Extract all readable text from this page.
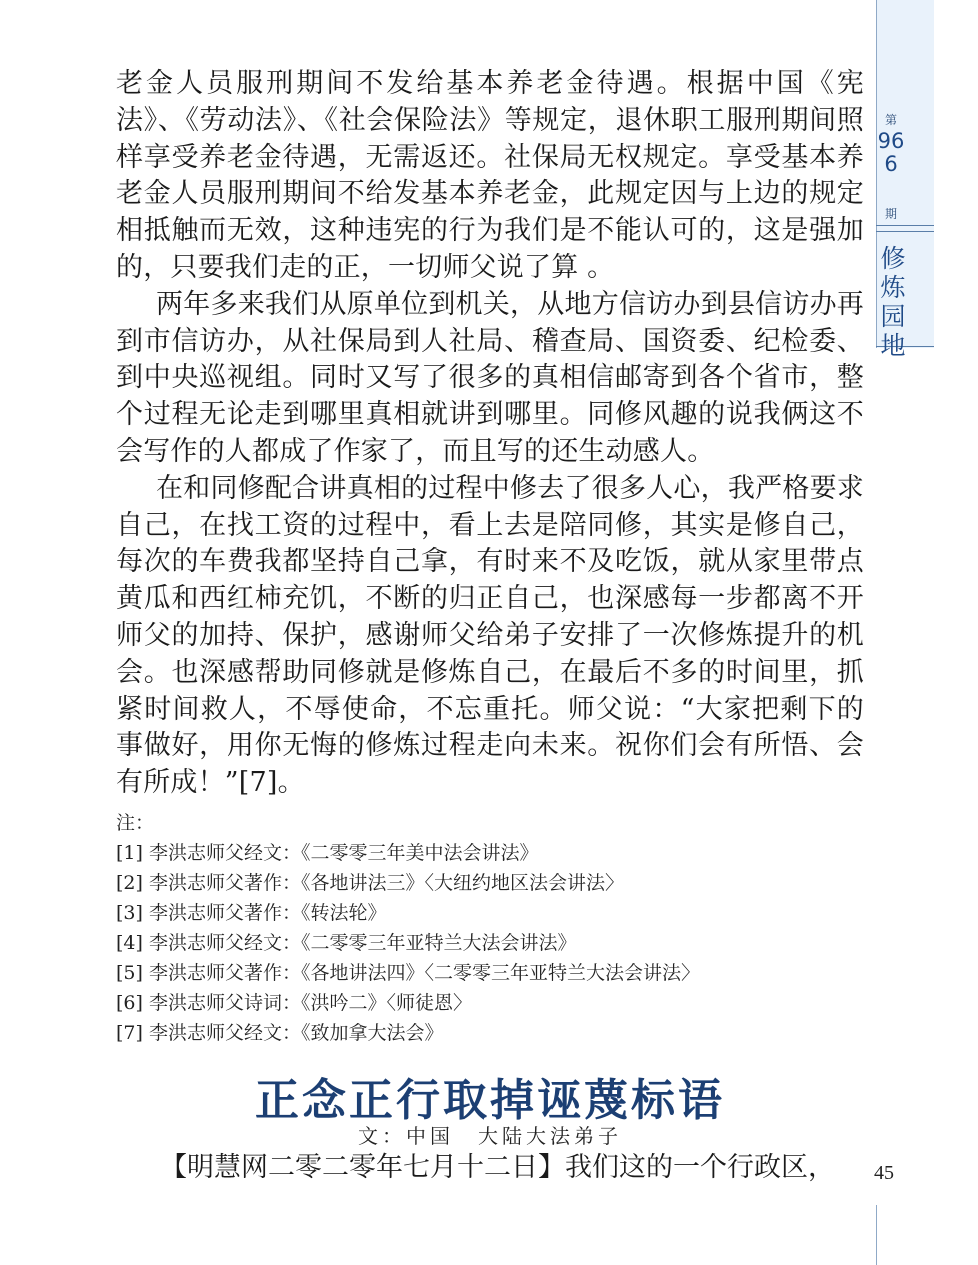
第
966
期
修炼园地

老金人员服刑期间不发给基本养老金待遇。根据中国《宪法》、《劳动法》、《社会保险法》等规定，退休职工服刑期间照样享受养老金待遇，无需返还。社保局无权规定。享受基本养老金人员服刑期间不给发基本养老金，此规定因与上边的规定相抵触而无效，这种违宪的行为我们是不能认可的，这是强加的，只要我们走的正，一切师父说了算 。

两年多来我们从原单位到机关，从地方信访办到县信访办再到市信访办，从社保局到人社局、稽查局、国资委、纪检委、到中央巡视组。同时又写了很多的真相信邮寄到各个省市，整个过程无论走到哪里真相就讲到哪里。同修风趣的说我俩这不会写作的人都成了作家了，而且写的还生动感人。

在和同修配合讲真相的过程中修去了很多人心，我严格要求自己，在找工资的过程中，看上去是陪同修，其实是修自己，每次的车费我都坚持自己拿，有时来不及吃饭，就从家里带点黄瓜和西红柿充饥，不断的归正自己，也深感每一步都离不开师父的加持、保护，感谢师父给弟子安排了一次修炼提升的机会。也深感帮助同修就是修炼自己，在最后不多的时间里，抓紧时间救人，不辱使命，不忘重托。师父说：“大家把剩下的事做好，用你无悔的修炼过程走向未来。祝你们会有所悟、会有所成！”[7]。

注：

[1] 李洪志师父经文：《二零零三年美中法会讲法》

[2] 李洪志师父著作：《各地讲法三》〈大纽约地区法会讲法〉

[3] 李洪志师父著作：《转法轮》

[4] 李洪志师父经文：《二零零三年亚特兰大法会讲法》

[5] 李洪志师父著作：《各地讲法四》〈二零零三年亚特兰大法会讲法〉

[6] 李洪志师父诗词：《洪吟二》〈师徒恩〉

[7] 李洪志师父经文：《致加拿大法会》

正念正行取掉诬蔑标语

文：中国　大陆大法弟子

【明慧网二零二零年七月十二日】我们这的一个行政区，	45
